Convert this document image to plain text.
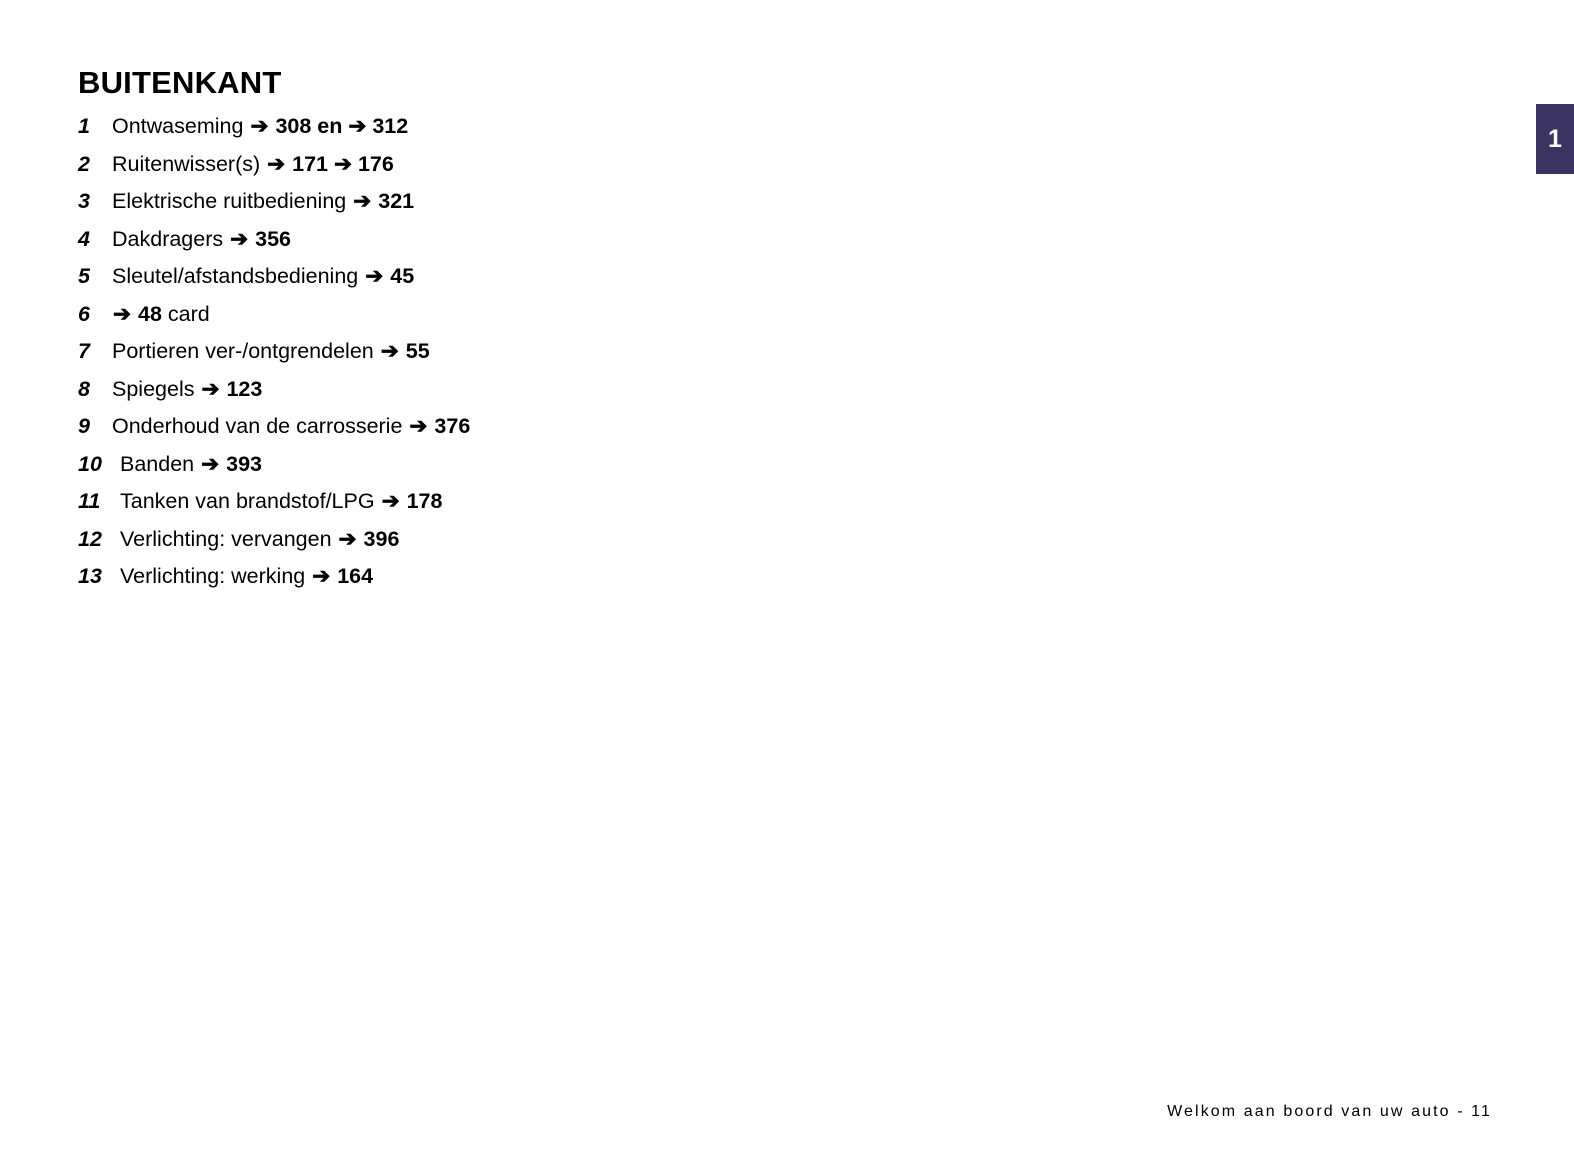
1
BUITENKANT
1	Ontwaseming ➔ 308 en ➔ 312
2	Ruitenwisser(s) ➔ 171 ➔ 176
3	Elektrische ruitbediening ➔ 321
4	Dakdragers ➔ 356
5	Sleutel/afstandsbediening ➔ 45
6	➔ 48 card
7	Portieren ver-/ontgrendelen ➔ 55
8	Spiegels ➔ 123
9	Onderhoud van de carrosserie ➔ 376
10 Banden ➔ 393
11 Tanken van brandstof/LPG ➔ 178
12 Verlichting: vervangen ➔ 396
13 Verlichting: werking ➔ 164
Welkom aan boord van uw auto - 11
